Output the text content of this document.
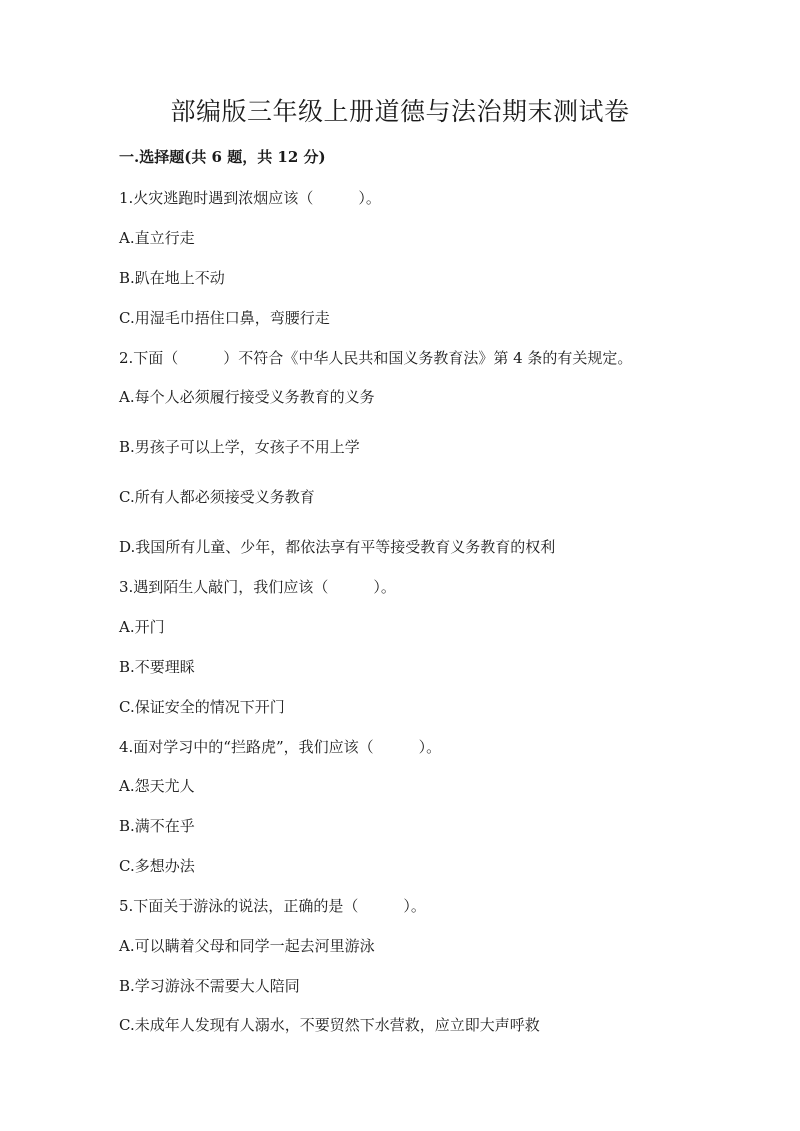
部编版三年级上册道德与法治期末测试卷
一.选择题(共 6 题，共 12 分)
1.火灾逃跑时遇到浓烟应该（　　　）。
A.直立行走
B.趴在地上不动
C.用湿毛巾捂住口鼻，弯腰行走
2.下面（　　　）不符合《中华人民共和国义务教育法》第 4 条的有关规定。
A.每个人必须履行接受义务教育的义务
B.男孩子可以上学，女孩子不用上学
C.所有人都必须接受义务教育
D.我国所有儿童、少年，都依法享有平等接受教育义务教育的权利
3.遇到陌生人敲门，我们应该（　　　）。
A.开门
B.不要理睬
C.保证安全的情况下开门
4.面对学习中的“拦路虎”，我们应该（　　　）。
A.怨天尤人
B.满不在乎
C.多想办法
5.下面关于游泳的说法，正确的是（　　　）。
A.可以瞒着父母和同学一起去河里游泳
B.学习游泳不需要大人陪同
C.未成年人发现有人溺水，不要贸然下水营救，应立即大声呼救
